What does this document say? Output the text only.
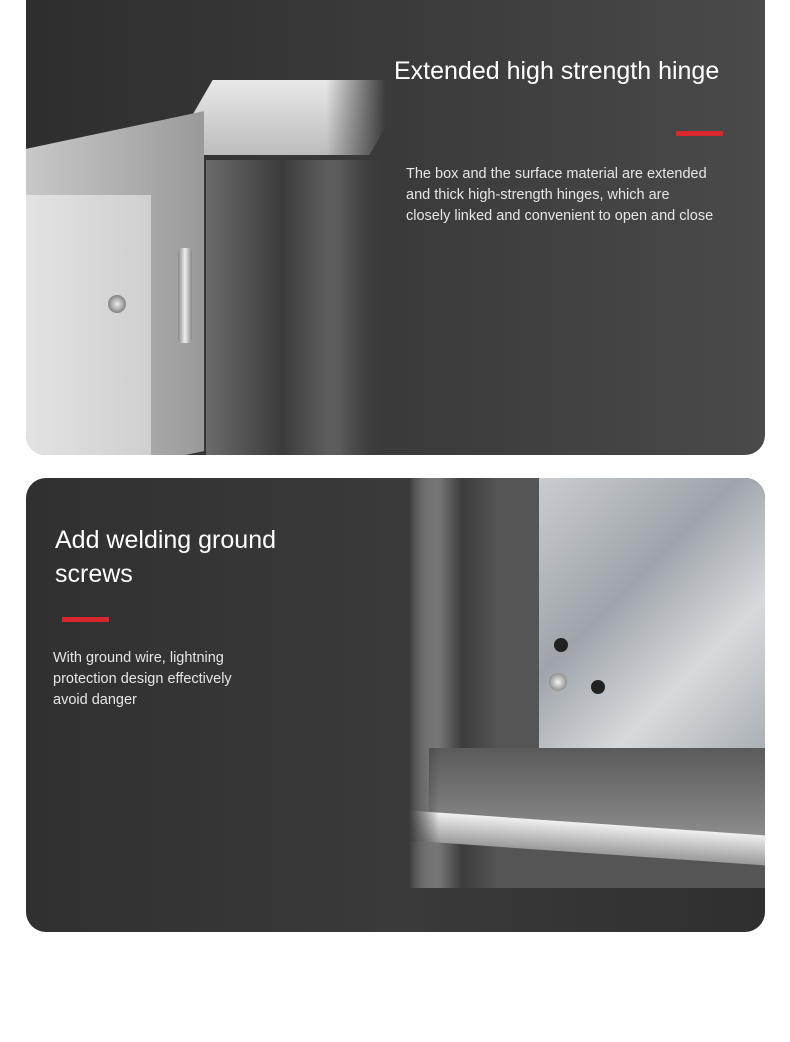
Extended high strength hinge
The box and the surface material are extended
and thick high-strength hinges, which are
closely linked and convenient to open and close
Add welding ground
screws
With ground wire, lightning
protection design effectively
avoid danger
